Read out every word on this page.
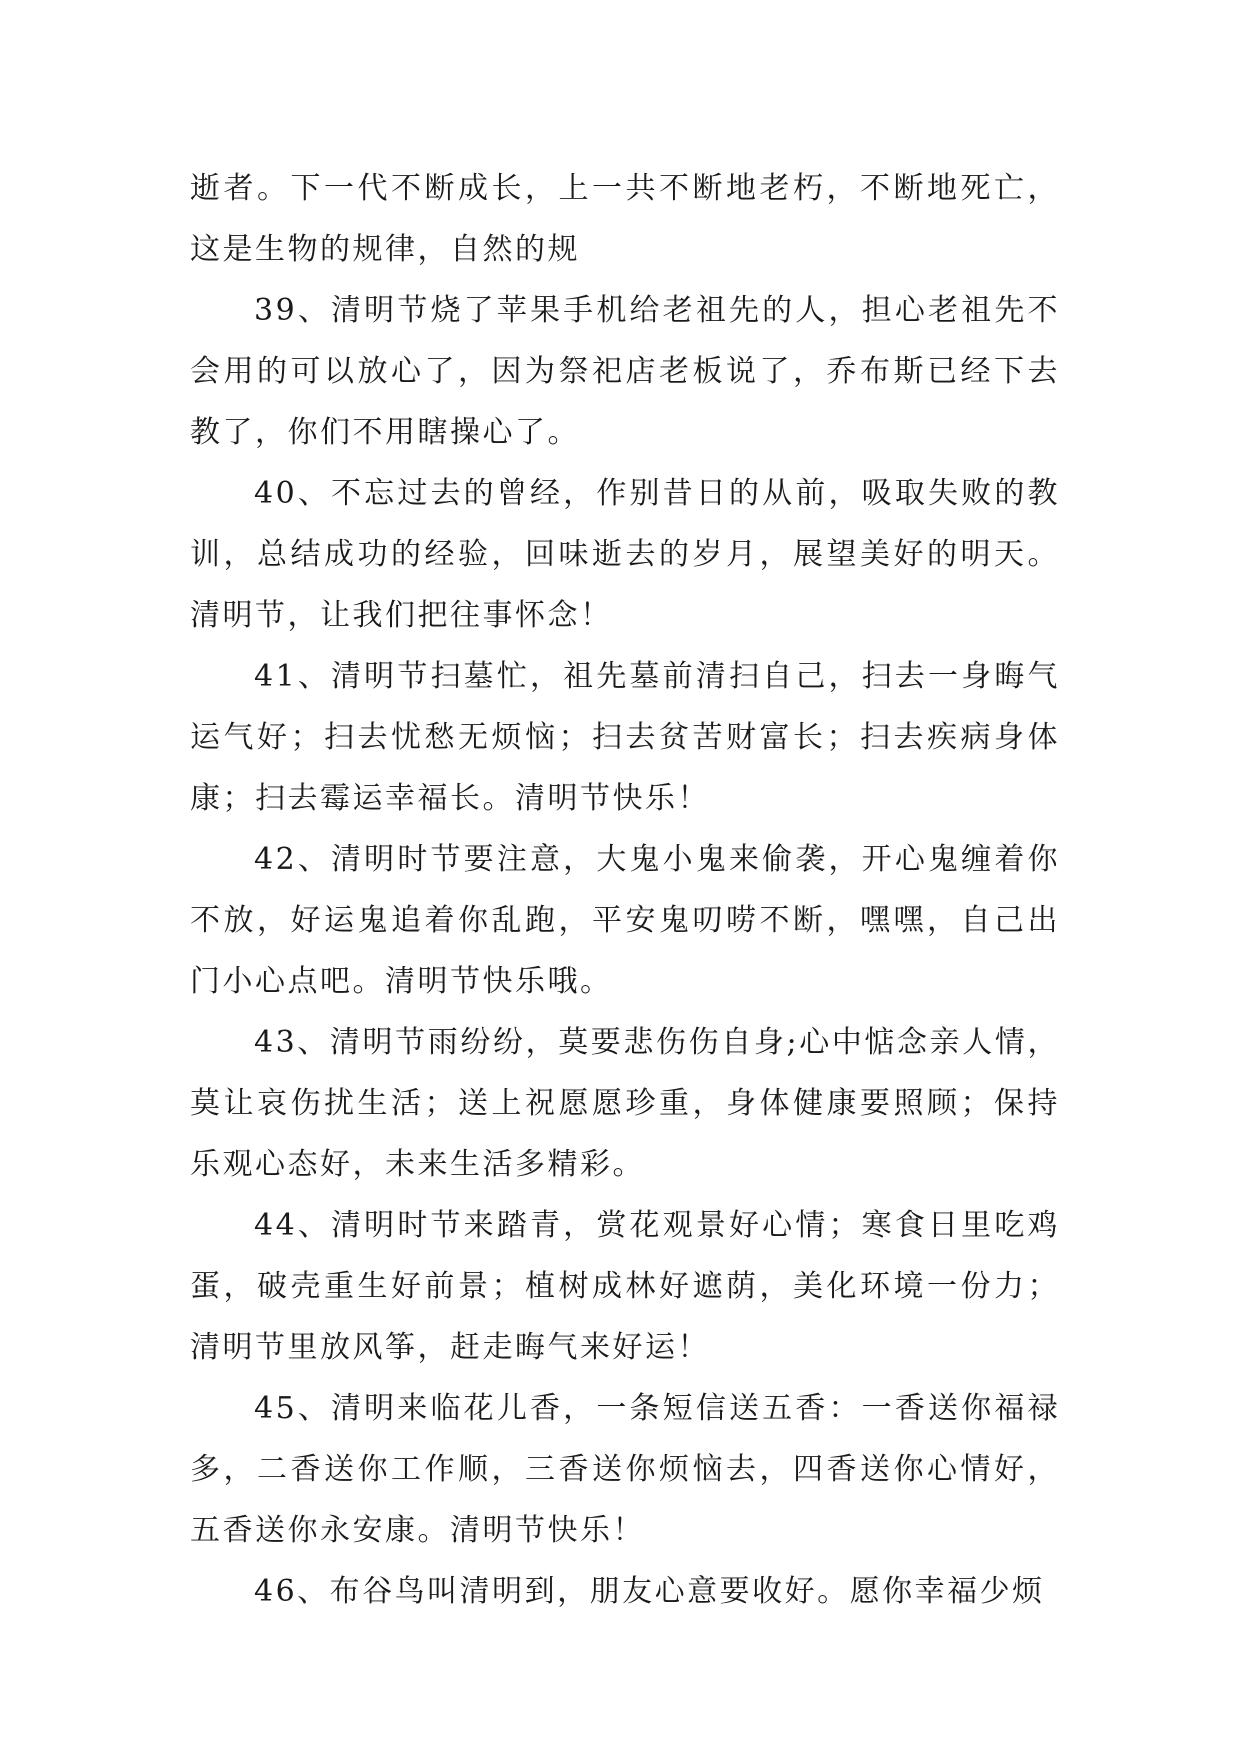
逝者。下一代不断成长，上一共不断地老朽，不断地死亡，这是生物的规律，自然的规

39、清明节烧了苹果手机给老祖先的人，担心老祖先不会用的可以放心了，因为祭祀店老板说了，乔布斯已经下去教了，你们不用瞎操心了。

40、不忘过去的曾经，作别昔日的从前，吸取失败的教训，总结成功的经验，回味逝去的岁月，展望美好的明天。清明节，让我们把往事怀念！

41、清明节扫墓忙，祖先墓前清扫自己，扫去一身晦气运气好；扫去忧愁无烦恼；扫去贫苦财富长；扫去疾病身体康；扫去霉运幸福长。清明节快乐！

42、清明时节要注意，大鬼小鬼来偷袭，开心鬼缠着你不放，好运鬼追着你乱跑，平安鬼叨唠不断，嘿嘿，自己出门小心点吧。清明节快乐哦。

43、清明节雨纷纷，莫要悲伤伤自身;心中惦念亲人情，莫让哀伤扰生活；送上祝愿愿珍重，身体健康要照顾；保持乐观心态好，未来生活多精彩。

44、清明时节来踏青，赏花观景好心情；寒食日里吃鸡蛋，破壳重生好前景；植树成林好遮荫，美化环境一份力；清明节里放风筝，赶走晦气来好运！

45、清明来临花儿香，一条短信送五香：一香送你福禄多，二香送你工作顺，三香送你烦恼去，四香送你心情好，五香送你永安康。清明节快乐！

46、布谷鸟叫清明到，朋友心意要收好。愿你幸福少烦
